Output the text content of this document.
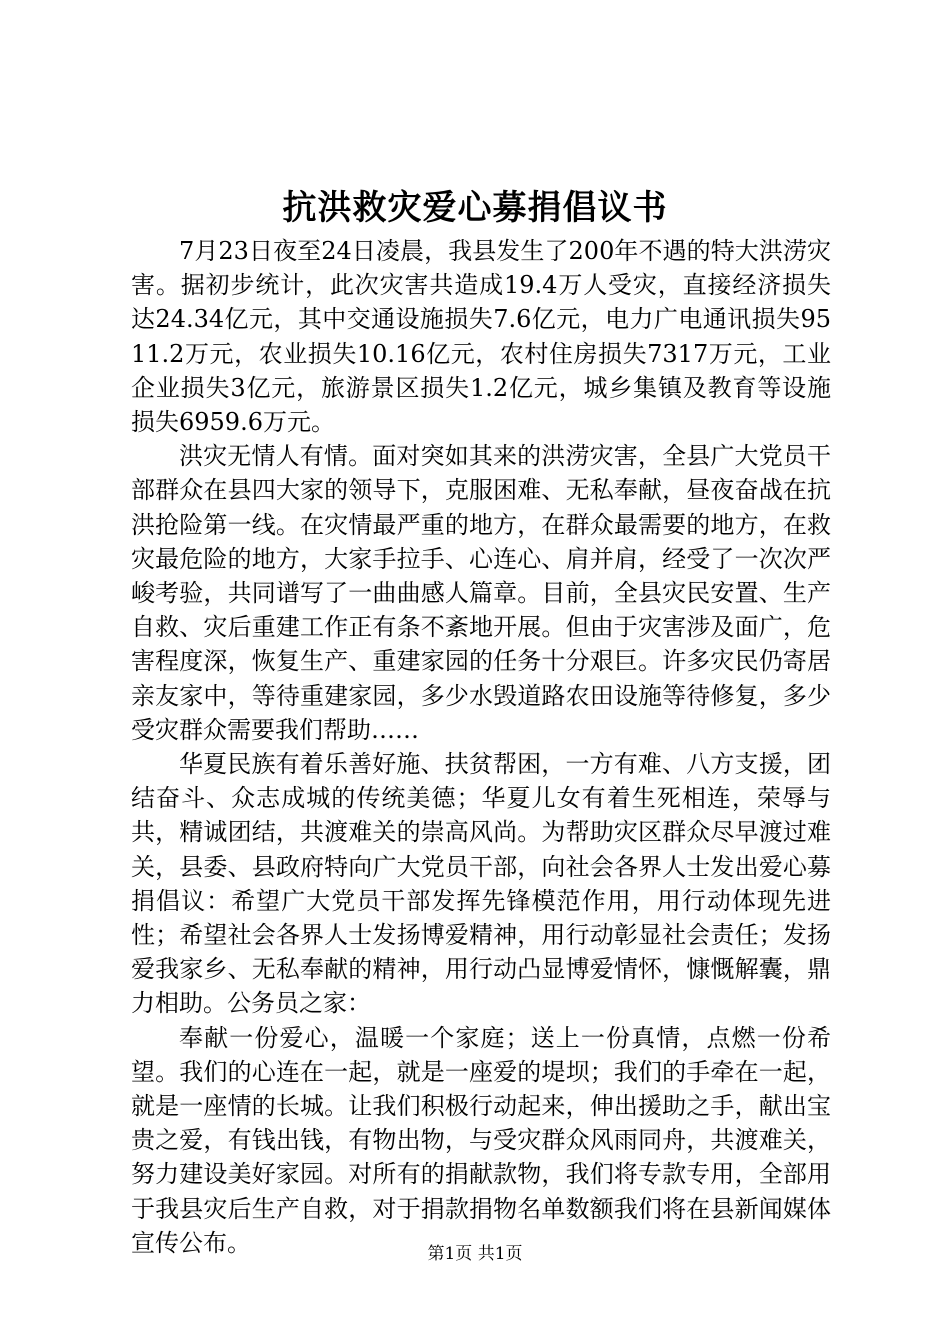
抗洪救灾爱心募捐倡议书

7月23日夜至24日凌晨，我县发生了200年不遇的特大洪涝灾害。据初步统计，此次灾害共造成19.4万人受灾，直接经济损失达24.34亿元，其中交通设施损失7.6亿元，电力广电通讯损失9511.2万元，农业损失10.16亿元，农村住房损失7317万元，工业企业损失3亿元，旅游景区损失1.2亿元，城乡集镇及教育等设施损失6959.6万元。

洪灾无情人有情。面对突如其来的洪涝灾害，全县广大党员干部群众在县四大家的领导下，克服困难、无私奉献，昼夜奋战在抗洪抢险第一线。在灾情最严重的地方，在群众最需要的地方，在救灾最危险的地方，大家手拉手、心连心、肩并肩，经受了一次次严峻考验，共同谱写了一曲曲感人篇章。目前，全县灾民安置、生产自救、灾后重建工作正有条不紊地开展。但由于灾害涉及面广，危害程度深，恢复生产、重建家园的任务十分艰巨。许多灾民仍寄居亲友家中，等待重建家园，多少水毁道路农田设施等待修复，多少受灾群众需要我们帮助……

华夏民族有着乐善好施、扶贫帮困，一方有难、八方支援，团结奋斗、众志成城的传统美德；华夏儿女有着生死相连，荣辱与共，精诚团结，共渡难关的崇高风尚。为帮助灾区群众尽早渡过难关，县委、县政府特向广大党员干部，向社会各界人士发出爱心募捐倡议：希望广大党员干部发挥先锋模范作用，用行动体现先进性；希望社会各界人士发扬博爱精神，用行动彰显社会责任；发扬爱我家乡、无私奉献的精神，用行动凸显博爱情怀，慷慨解囊，鼎力相助。公务员之家：

奉献一份爱心，温暖一个家庭；送上一份真情，点燃一份希望。我们的心连在一起，就是一座爱的堤坝；我们的手牵在一起，就是一座情的长城。让我们积极行动起来，伸出援助之手，献出宝贵之爱，有钱出钱，有物出物，与受灾群众风雨同舟，共渡难关，努力建设美好家园。对所有的捐献款物，我们将专款专用，全部用于我县灾后生产自救，对于捐款捐物名单数额我们将在县新闻媒体宣传公布。	第1页 共1页
